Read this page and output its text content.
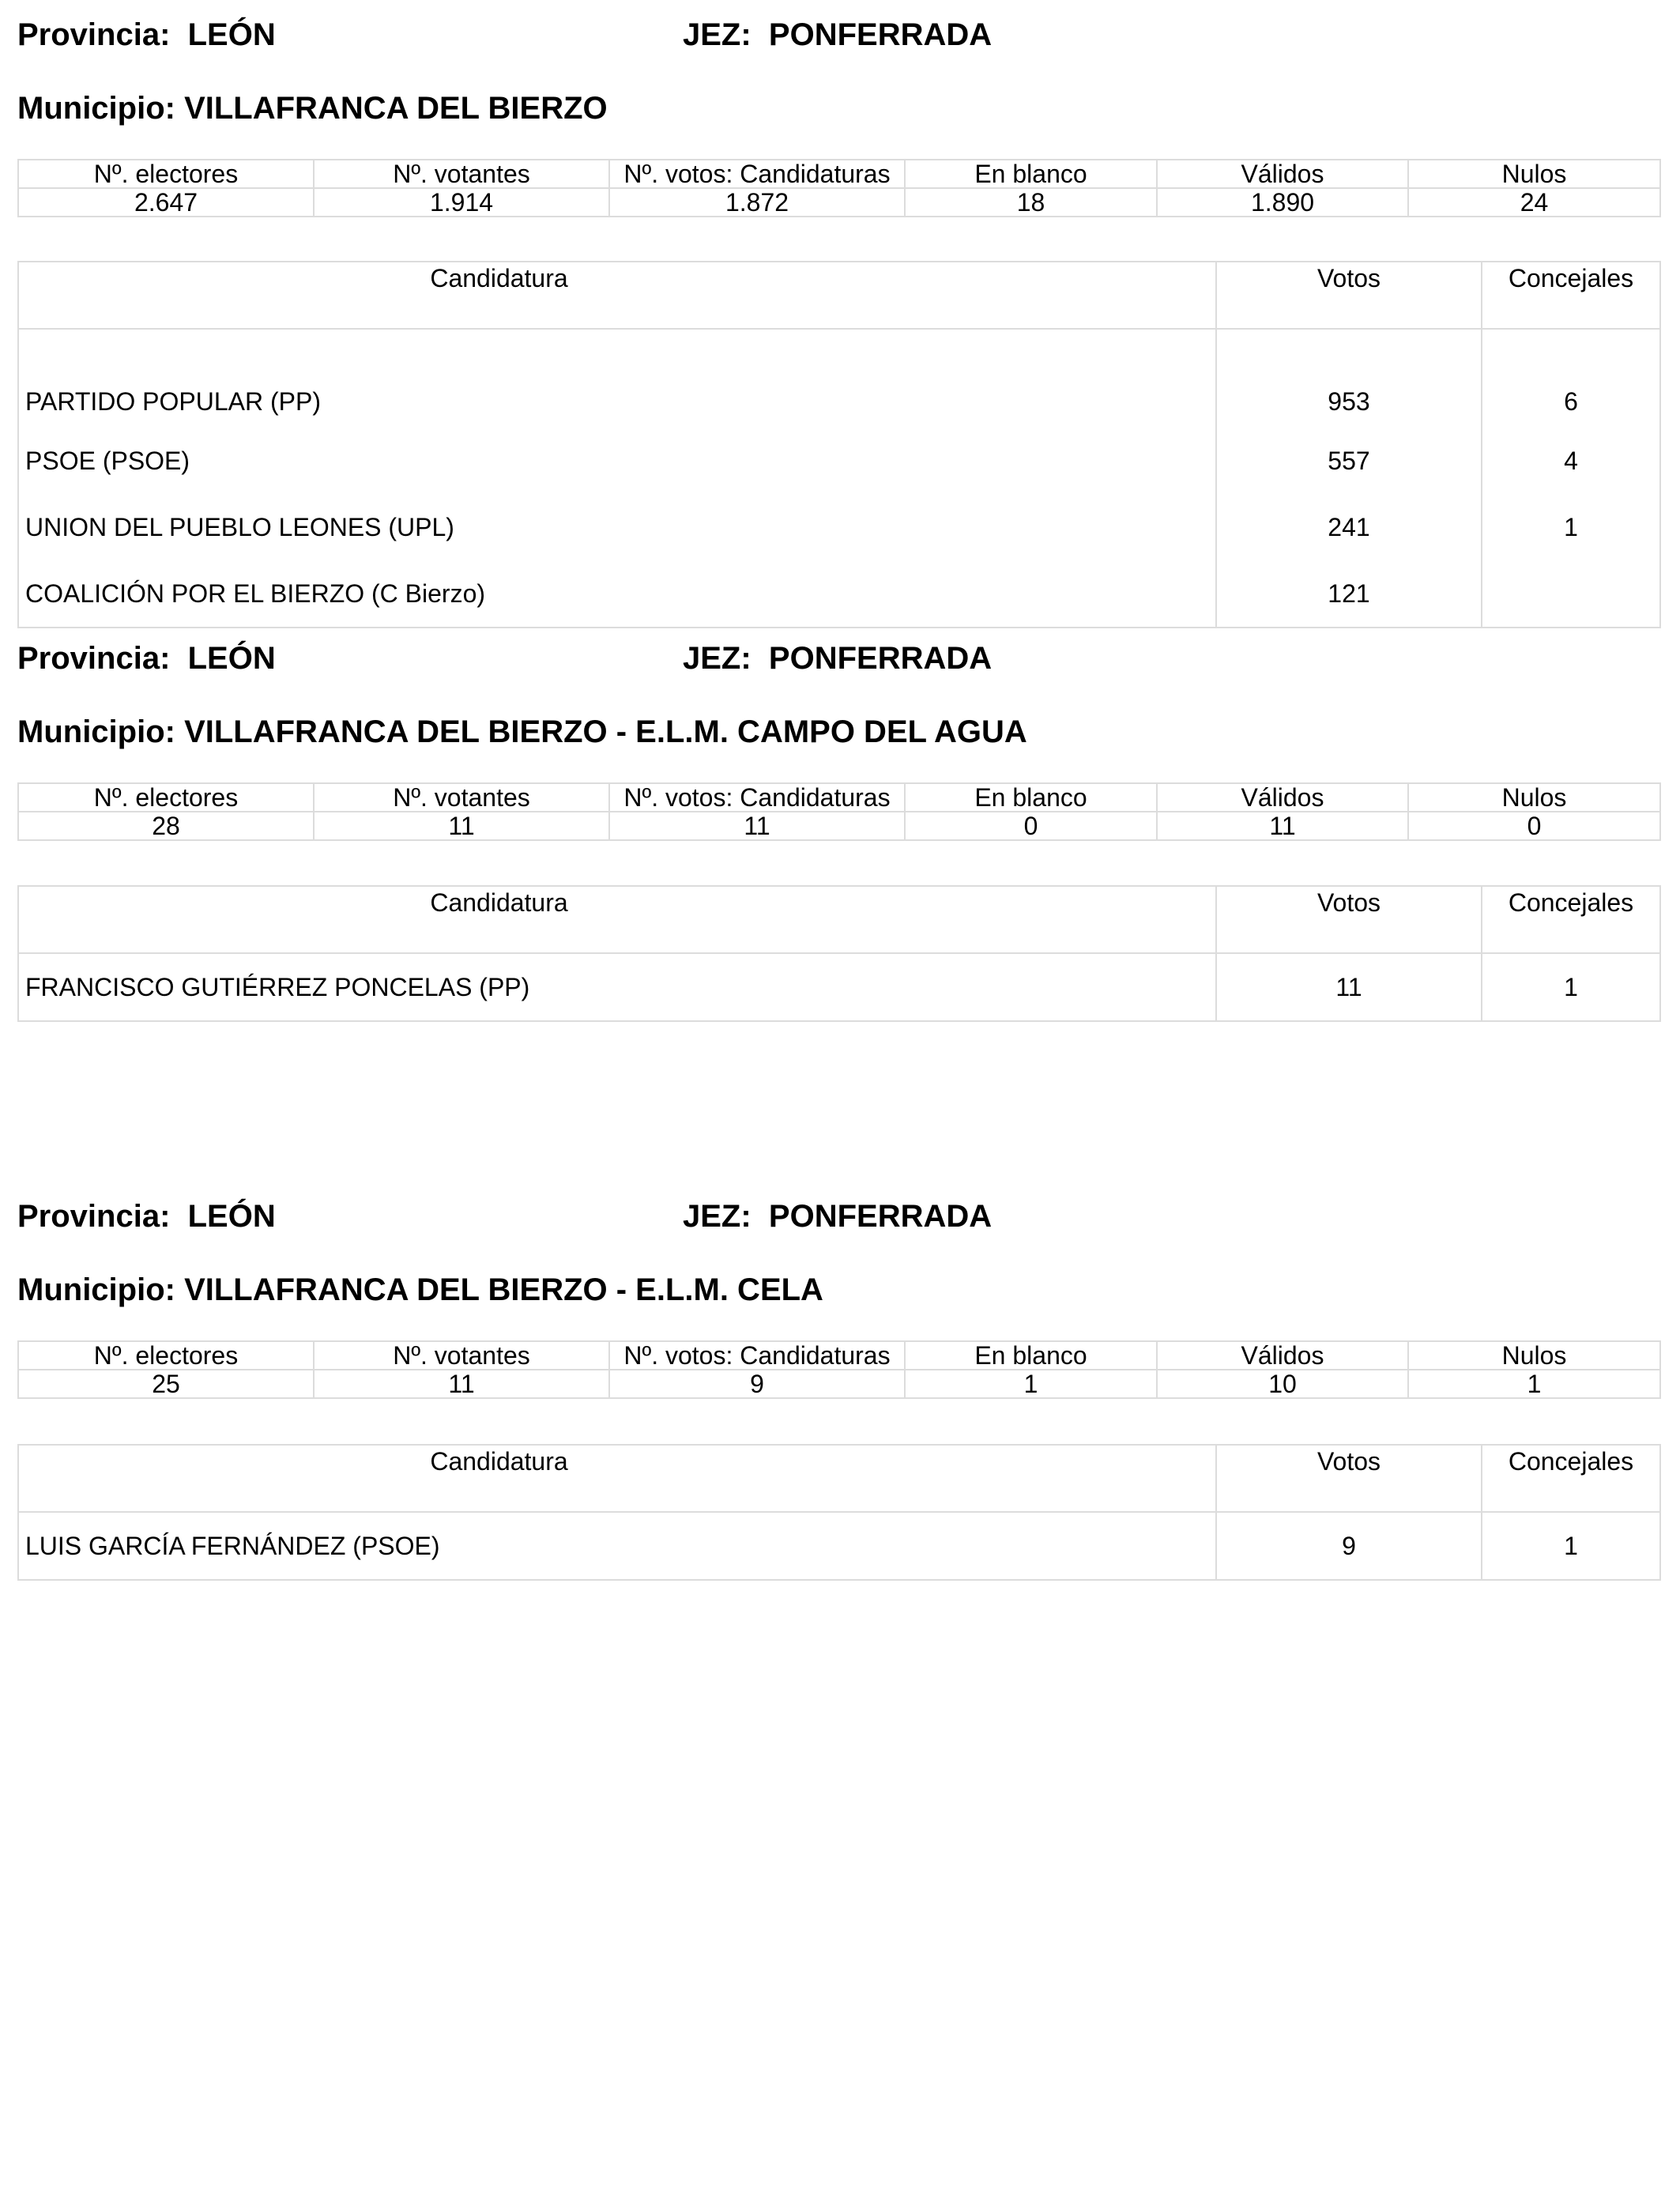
Provincia:  LEÓN	JEZ:  PONFERRADA
Municipio: VILLAFRANCA DEL BIERZO
Nº. electores	Nº. votantes	Nº. votos: Candidaturas	En blanco	Válidos	Nulos
2.647	1.914	1.872	18	1.890	24
Candidatura	Votos	Concejales
PARTIDO POPULAR (PP)	953	6
PSOE (PSOE)	557	4
UNION DEL PUEBLO LEONES (UPL)	241	1
COALICIÓN POR EL BIERZO (C Bierzo)	121	
Provincia:  LEÓN	JEZ:  PONFERRADA
Municipio: VILLAFRANCA DEL BIERZO - E.L.M. CAMPO DEL AGUA
Nº. electores	Nº. votantes	Nº. votos: Candidaturas	En blanco	Válidos	Nulos
28	11	11	0	11	0
Candidatura	Votos	Concejales
FRANCISCO GUTIÉRREZ PONCELAS (PP)	11	1
Provincia:  LEÓN	JEZ:  PONFERRADA
Municipio: VILLAFRANCA DEL BIERZO - E.L.M. CELA
Nº. electores	Nº. votantes	Nº. votos: Candidaturas	En blanco	Válidos	Nulos
25	11	9	1	10	1
Candidatura	Votos	Concejales
LUIS GARCÍA FERNÁNDEZ (PSOE)	9	1
